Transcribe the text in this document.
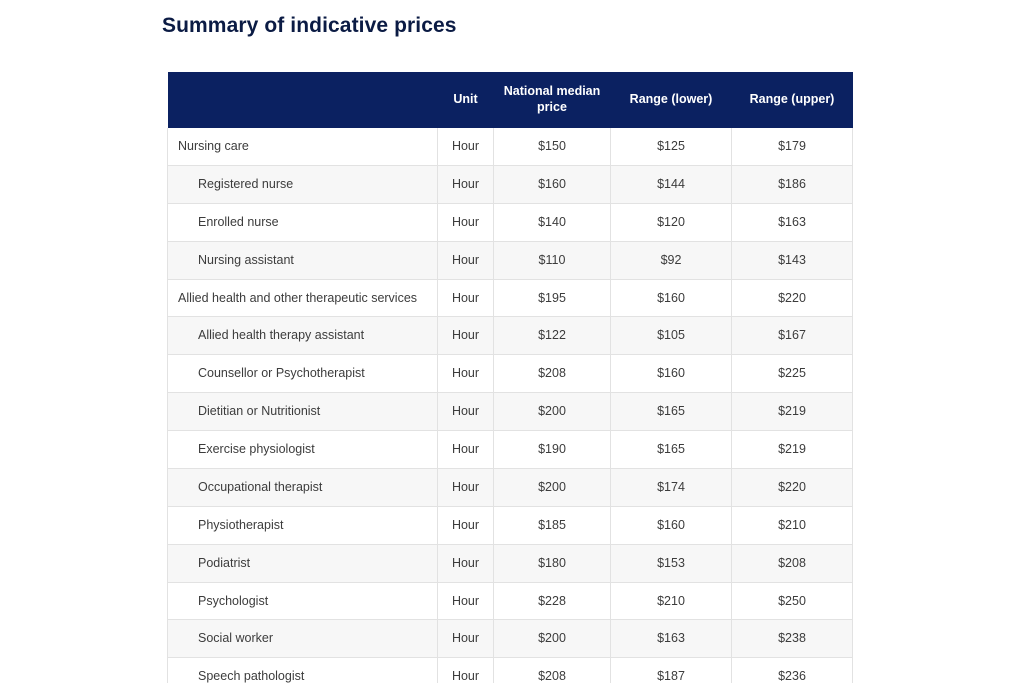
Summary of indicative prices
	Unit	National median price	Range (lower)	Range (upper)
Nursing care	Hour	$150	$125	$179
Registered nurse	Hour	$160	$144	$186
Enrolled nurse	Hour	$140	$120	$163
Nursing assistant	Hour	$110	$92	$143
Allied health and other therapeutic services	Hour	$195	$160	$220
Allied health therapy assistant	Hour	$122	$105	$167
Counsellor or Psychotherapist	Hour	$208	$160	$225
Dietitian or Nutritionist	Hour	$200	$165	$219
Exercise physiologist	Hour	$190	$165	$219
Occupational therapist	Hour	$200	$174	$220
Physiotherapist	Hour	$185	$160	$210
Podiatrist	Hour	$180	$153	$208
Psychologist	Hour	$228	$210	$250
Social worker	Hour	$200	$163	$238
Speech pathologist	Hour	$208	$187	$236
